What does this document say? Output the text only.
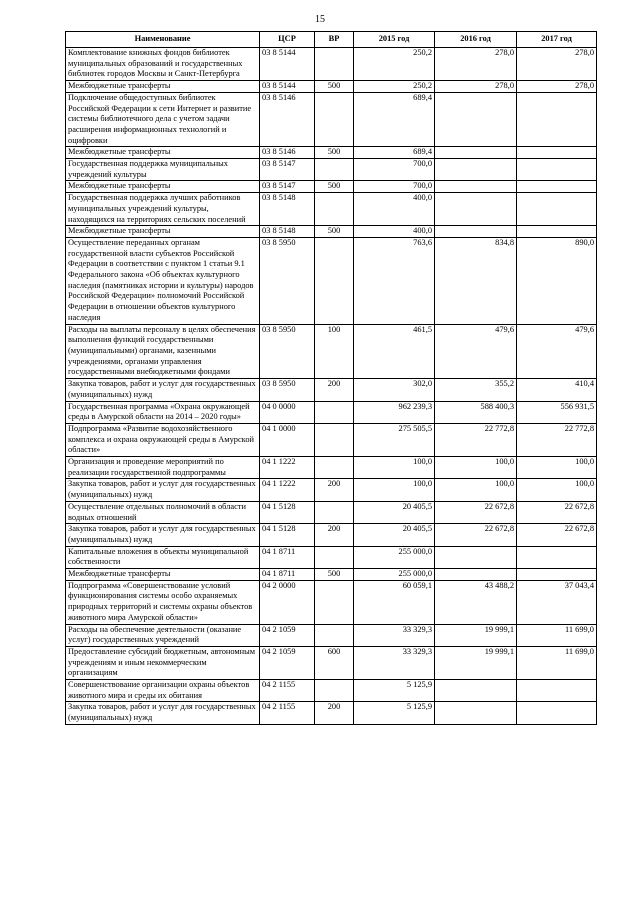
15
Наименование	ЦСР	ВР	2015 год	2016 год	2017 год
Комплектование книжных фондов библиотек муниципальных образований и государственных библиотек городов Москвы и Санкт-Петербурга	03 8 5144		250,2	278,0	278,0
Межбюджетные трансферты	03 8 5144	500	250,2	278,0	278,0
Подключение общедоступных библиотек Российской Федерации к сети Интернет и развитие системы библиотечного дела с учетом задачи расширения информационных технологий и оцифровки	03 8 5146		689,4		
Межбюджетные трансферты	03 8 5146	500	689,4		
Государственная поддержка муниципальных учреждений культуры	03 8 5147		700,0		
Межбюджетные трансферты	03 8 5147	500	700,0		
Государственная поддержка лучших работников муниципальных учреждений культуры, находящихся на территориях сельских поселений	03 8 5148		400,0		
Межбюджетные трансферты	03 8 5148	500	400,0		
Осуществление переданных органам государственной власти субъектов Российской Федерации в соответствии с пунктом 1 статьи 9.1 Федерального закона «Об объектах культурного наследия (памятниках истории и культуры) народов Российской Федерации» полномочий Российской Федерации в отношении объектов культурного наследия	03 8 5950		763,6	834,8	890,0
Расходы на выплаты персоналу в целях обеспечения выполнения функций государственными (муниципальными) органами, казенными учреждениями, органами управления государственными внебюджетными фондами	03 8 5950	100	461,5	479,6	479,6
Закупка товаров, работ и услуг для государственных (муниципальных) нужд	03 8 5950	200	302,0	355,2	410,4
Государственная программа «Охрана окружающей среды в Амурской области на 2014 – 2020 годы»	04 0 0000		962 239,3	588 400,3	556 931,5
Подпрограмма «Развитие водохозяйственного комплекса и охрана окружающей среды в Амурской области»	04 1 0000		275 505,5	22 772,8	22 772,8
Организация и проведение мероприятий по реализации государственной подпрограммы	04 1 1222		100,0	100,0	100,0
Закупка товаров, работ и услуг для государственных (муниципальных) нужд	04 1 1222	200	100,0	100,0	100,0
Осуществление отдельных полномочий в области водных отношений	04 1 5128		20 405,5	22 672,8	22 672,8
Закупка товаров, работ и услуг для государственных (муниципальных) нужд	04 1 5128	200	20 405,5	22 672,8	22 672,8
Капитальные вложения в объекты муниципальной собственности	04 1 8711		255 000,0		
Межбюджетные трансферты	04 1 8711	500	255 000,0		
Подпрограмма «Совершенствование условий функционирования системы особо охраняемых природных территорий и системы охраны объектов животного мира Амурской области»	04 2 0000		60 059,1	43 488,2	37 043,4
Расходы на обеспечение деятельности (оказание услуг) государственных учреждений	04 2 1059		33 329,3	19 999,1	11 699,0
Предоставление субсидий бюджетным, автономным учреждениям и иным некоммерческим организациям	04 2 1059	600	33 329,3	19 999,1	11 699,0
Совершенствование организации охраны объектов животного мира и среды их обитания	04 2 1155		5 125,9		
Закупка товаров, работ и услуг для государственных (муниципальных) нужд	04 2 1155	200	5 125,9		
